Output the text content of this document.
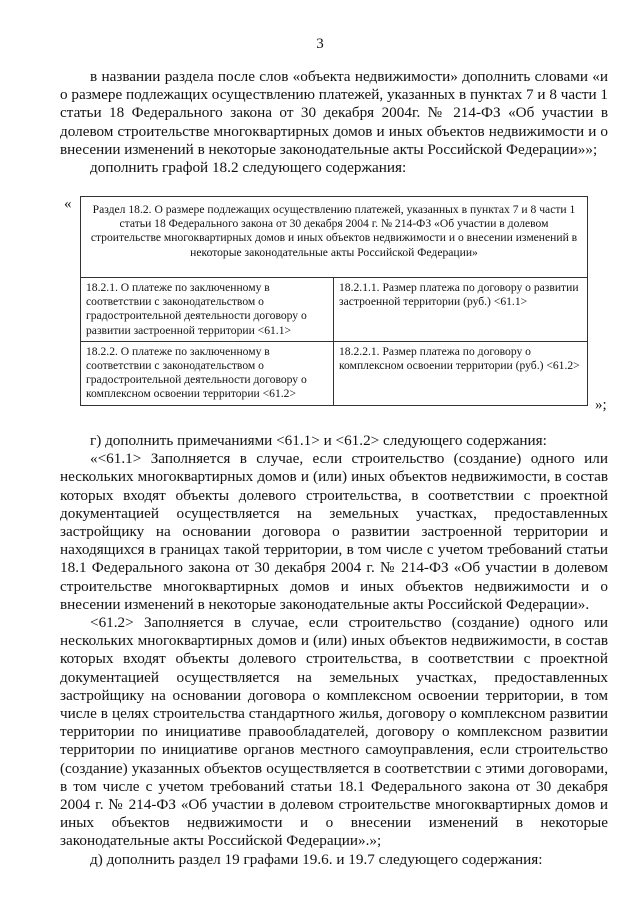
3

в названии раздела после слов «объекта недвижимости» дополнить словами «и о размере подлежащих осуществлению платежей, указанных в пунктах 7 и 8 части 1 статьи 18 Федерального закона от 30 декабря 2004г. № 214-ФЗ «Об участии в долевом строительстве многоквартирных домов и иных объектов недвижимости и о внесении изменений в некоторые законодательные акты Российской Федерации»»;

дополнить графой 18.2 следующего содержания:

« Раздел 18.2. О размере подлежащих осуществлению платежей, указанных в пунктах 7 и 8 части 1 статьи 18 Федерального закона от 30 декабря 2004 г. № 214-ФЗ «Об участии в долевом строительстве многоквартирных домов и иных объектов недвижимости и о внесении изменений в некоторые законодательные акты Российской Федерации»	
18.2.1. О платеже по заключенному в соответствии с законодательством о градостроительной деятельности договору о развитии застроенной территории <61.1>	18.2.1.1. Размер платежа по договору о развитии застроенной территории (руб.) <61.1>
18.2.2. О платеже по заключенному в соответствии с законодательством о градостроительной деятельности договору о комплексном освоении территории <61.2>	18.2.2.1. Размер платежа по договору о комплексном освоении территории (руб.) <61.2>
»;

г) дополнить примечаниями <61.1> и <61.2> следующего содержания:

«<61.1> Заполняется в случае, если строительство (создание) одного или нескольких многоквартирных домов и (или) иных объектов недвижимости, в состав которых входят объекты долевого строительства, в соответствии с проектной документацией осуществляется на земельных участках, предоставленных застройщику на основании договора о развитии застроенной территории и находящихся в границах такой территории, в том числе с учетом требований статьи 18.1 Федерального закона от 30 декабря 2004 г. № 214-ФЗ «Об участии в долевом строительстве многоквартирных домов и иных объектов недвижимости и о внесении изменений в некоторые законодательные акты Российской Федерации».

<61.2> Заполняется в случае, если строительство (создание) одного или нескольких многоквартирных домов и (или) иных объектов недвижимости, в состав которых входят объекты долевого строительства, в соответствии с проектной документацией осуществляется на земельных участках, предоставленных застройщику на основании договора о комплексном освоении территории, в том числе в целях строительства стандартного жилья, договору о комплексном развитии территории по инициативе правообладателей, договору о комплексном развитии территории по инициативе органов местного самоуправления, если строительство (создание) указанных объектов осуществляется в соответствии с этими договорами, в том числе с учетом требований статьи 18.1 Федерального закона от 30 декабря 2004 г. № 214-ФЗ «Об участии в долевом строительстве многоквартирных домов и иных объектов недвижимости и о внесении изменений в некоторые законодательные акты Российской Федерации».»;

д) дополнить раздел 19 графами 19.6. и 19.7 следующего содержания:
